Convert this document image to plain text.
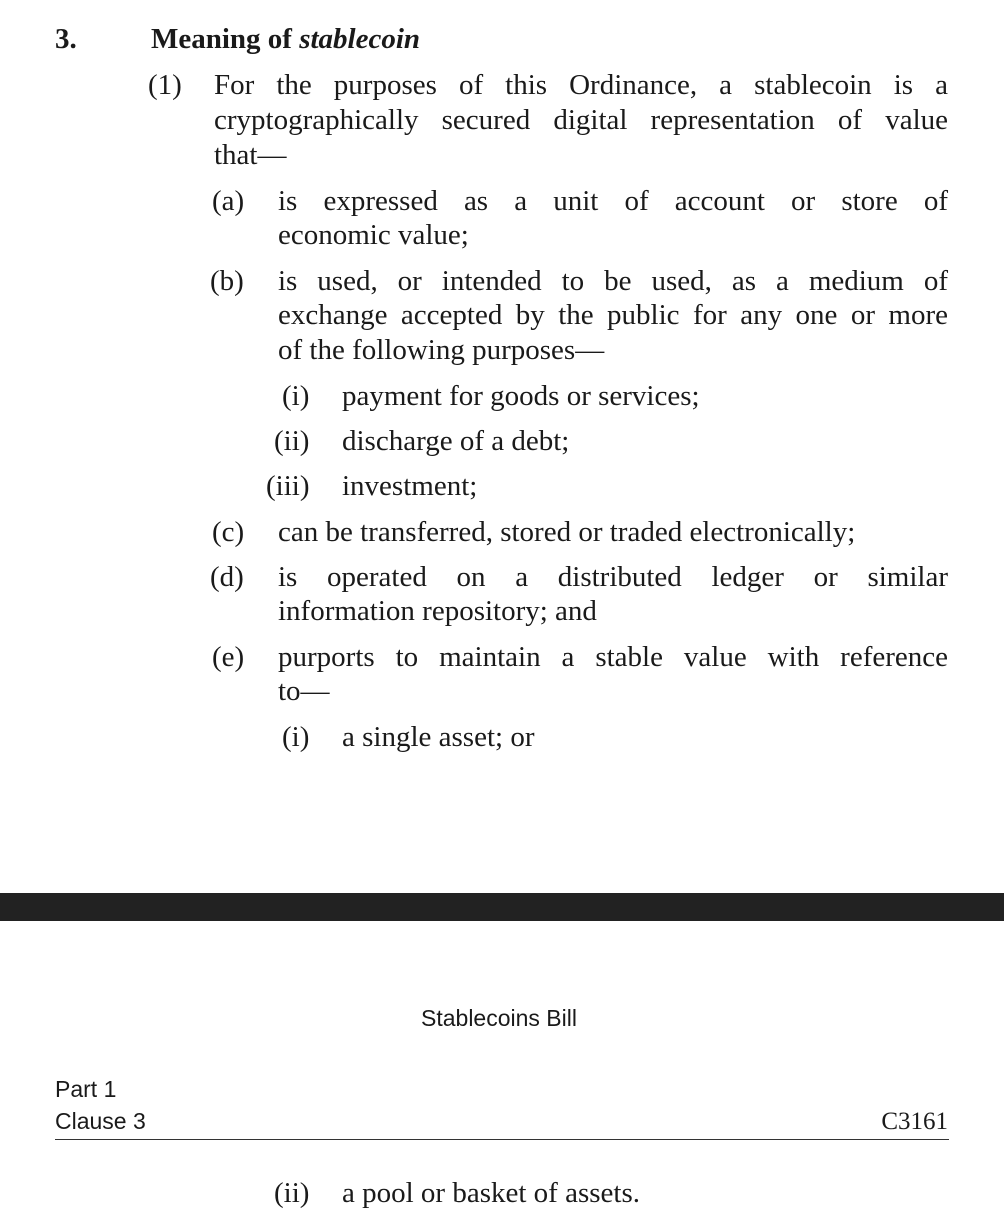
3.	Meaning of stablecoin
(1) For the purposes of this Ordinance, a stablecoin is a
cryptographically secured digital representation of value
that—
(a) is expressed as a unit of account or store of
economic value;
(b) is used, or intended to be used, as a medium of
exchange accepted by the public for any one or more
of the following purposes—
(i) payment for goods or services;
(ii) discharge of a debt;
(iii) investment;
(c) can be transferred, stored or traded electronically;
(d) is operated on a distributed ledger or similar
information repository; and
(e) purports to maintain a stable value with reference
to—
(i) a single asset; or
Stablecoins Bill
Part 1
Clause 3	C3161
(ii) a pool or basket of assets.
